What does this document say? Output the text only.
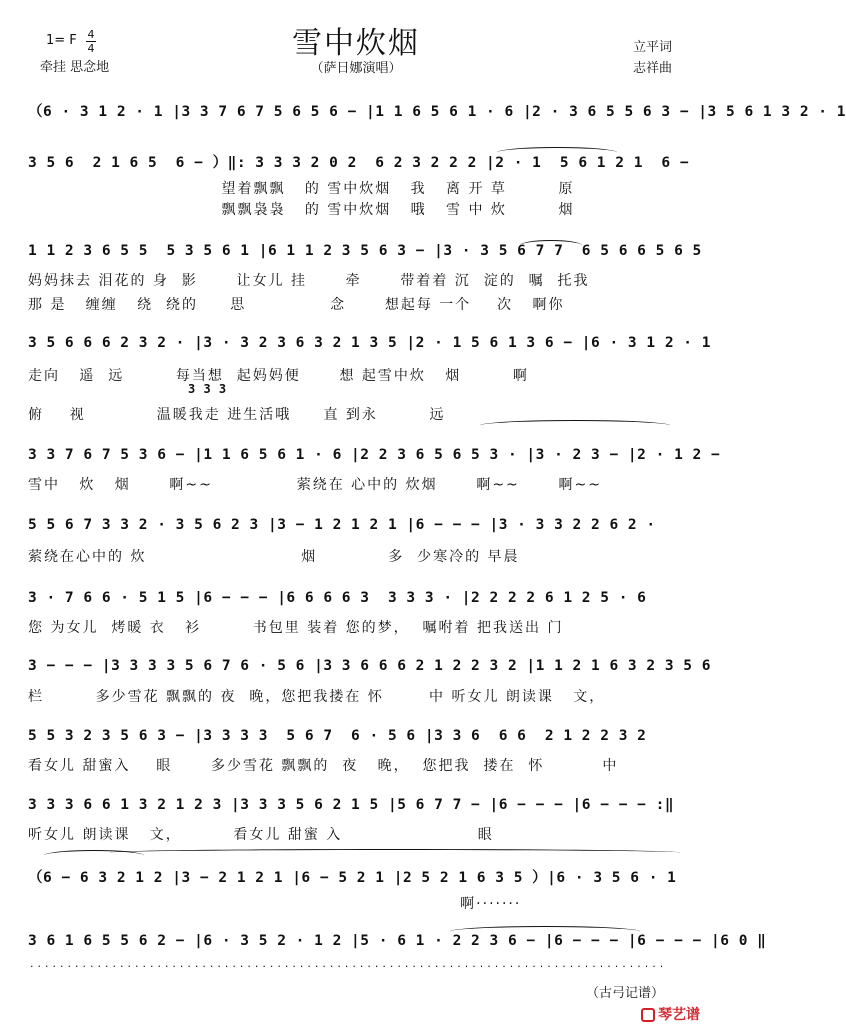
雪中炊烟
（萨日娜演唱）
1= F 4
4
牵挂 思念地
立平词
志祥曲
（6 · 3 1 2 · 1 |3 3 7 6 7 5 6 5 6 − |1 1 6 5 6 1 · 6 |2 · 3 6 5 5 6 3 − |3 5 6 1 3 2 · 1
3 5 6  2 1 6 5  6 − ）‖: 3 3 3 2 0 2  6 2 3 2 2 2 |2 · 1  5 6 1 2 1  6 −
望着飘飘   的 雪中炊烟   我   离 开 草        原
飘飘袅袅   的 雪中炊烟   哦   雪 中 炊        烟
1 1 2 3 6 5 5  5 3 5 6 1 |6 1 1 2 3 5 6 3 − |3 · 3 5 6 7 7  6 5 6 6 5 6 5
妈妈抹去 泪花的 身  影      让女儿 挂      牵      带着着 沉  淀的  嘱  托我
那 是   缠缠   绕  绕的     思             念      想起每 一个    次   啊你
3 5 6 6 6 2 3 2 · |3 · 3 2 3 6 3 2 1 3 5 |2 · 1 5 6 1 3 6 − |6 · 3 1 2 · 1
走向   遥  远        每当想  起妈妈便      想 起雪中炊   烟        啊
3 3 3
俯    视           温暖我走 进生活哦     直 到永        远
3 3 7 6 7 5 3 6 − |1 1 6 5 6 1 · 6 |2 2 3 6 5 6 5 3 · |3 · 2 3 − |2 · 1 2 −
雪中   炊   烟      啊~~             萦绕在 心中的 炊烟      啊~~      啊~~
5 5 6 7 3 3 2 · 3 5 6 2 3 |3 − 1 2 1 2 1 |6 − − − |3 · 3 3 2 2 6 2 ·
萦绕在心中的 炊                        烟           多  少寒冷的 早晨
3 · 7 6 6 · 5 1 5 |6 − − − |6 6 6 6 3  3 3 3 · |2 2 2 2 6 1 2 5 · 6
您 为女儿  烤暖 衣   衫        书包里 装着 您的梦，  嘱咐着 把我送出 门
3 − − − |3 3 3 3 5 6 7 6 · 5 6 |3 3 6 6 6 2 1 2 2 3 2 |1 1 2 1 6 3 2 3 5 6
栏        多少雪花 飘飘的 夜  晚，您把我搂在 怀       中 听女儿 朗读课   文，
5 5 3 2 3 5 6 3 − |3 3 3 3  5 6 7  6 · 5 6 |3 3 6  6 6  2 1 2 2 3 2
看女儿 甜蜜入    眼      多少雪花 飘飘的  夜   晚，  您把我  搂在  怀         中
3 3 3 6 6 1 3 2 1 2 3 |3 3 3 5 6 2 1 5 |5 6 7 7 − |6 − − − |6 − − − :‖
听女儿 朗读课   文，        看女儿 甜蜜 入                     眼
（6 − 6 3 2 1 2 |3 − 2 1 2 1 |6 − 5 2 1 |2 5 2 1 6 3 5 ）|6 · 3 5 6 · 1
啊·······
3 6 1 6 5 5 6 2 − |6 · 3 5 2 · 1 2 |5 · 6 1 · 2 2 3 6 − |6 − − − |6 − − − |6 0 ‖
·····················································································
（古弓记谱）
琴艺谱
